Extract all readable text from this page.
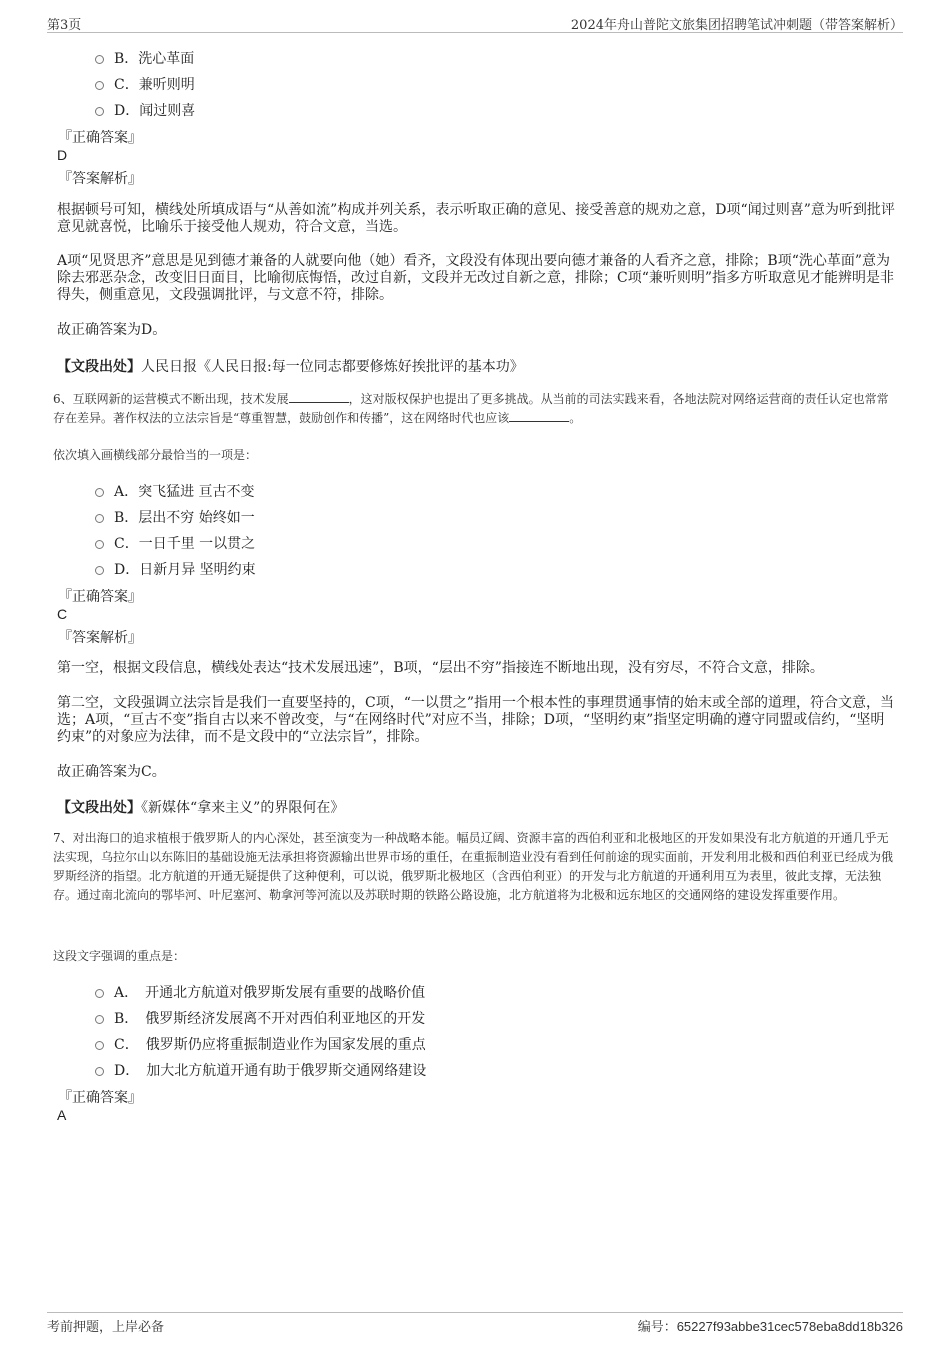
第3页	2024年舟山普陀文旅集团招聘笔试冲刺题（带答案解析）
B．洗心革面
C．兼听则明
D．闻过则喜
『正确答案』
D
『答案解析』
根据顿号可知，横线处所填成语与“从善如流”构成并列关系，表示听取正确的意见、接受善意的规劝之意，D项“闻过则喜”意为听到批评意见就喜悦，比喻乐于接受他人规劝，符合文意，当选。
A项“见贤思齐”意思是见到德才兼备的人就要向他（她）看齐，文段没有体现出要向德才兼备的人看齐之意，排除；B项“洗心革面”意为除去邪恶杂念，改变旧日面目，比喻彻底悔悟，改过自新，文段并无改过自新之意，排除；C项“兼听则明”指多方听取意见才能辨明是非得失，侧重意见，文段强调批评，与文意不符，排除。
故正确答案为D。
【文段出处】人民日报《人民日报:每一位同志都要修炼好挨批评的基本功》
6、互联网新的运营模式不断出现，技术发展	，这对版权保护也提出了更多挑战。从当前的司法实践来看，各地法院对网络运营商的责任认定也常常存在差异。著作权法的立法宗旨是“尊重智慧，鼓励创作和传播”，这在网络时代也应该	。
依次填入画横线部分最恰当的一项是：
A．突飞猛进 亘古不变
B．层出不穷 始终如一
C．一日千里 一以贯之
D．日新月异 坚明约束
『正确答案』
C
『答案解析』
第一空，根据文段信息，横线处表达“技术发展迅速”，B项，“层出不穷”指接连不断地出现，没有穷尽，不符合文意，排除。
第二空，文段强调立法宗旨是我们一直要坚持的，C项，“一以贯之”指用一个根本性的事理贯通事情的始末或全部的道理，符合文意，当选；A项，“亘古不变”指自古以来不曾改变，与“在网络时代”对应不当，排除；D项，“坚明约束”指坚定明确的遵守同盟或信约，“坚明约束”的对象应为法律，而不是文段中的“立法宗旨”，排除。
故正确答案为C。
【文段出处】《新媒体“拿来主义”的界限何在》
7、对出海口的追求植根于俄罗斯人的内心深处，甚至演变为一种战略本能。幅员辽阔、资源丰富的西伯利亚和北极地区的开发如果没有北方航道的开通几乎无法实现，乌拉尔山以东陈旧的基础设施无法承担将资源输出世界市场的重任，在重振制造业没有看到任何前途的现实面前，开发利用北极和西伯利亚已经成为俄罗斯经济的指望。北方航道的开通无疑提供了这种便利，可以说，俄罗斯北极地区（含西伯利亚）的开发与北方航道的开通利用互为表里，彼此支撑，无法独存。通过南北流向的鄂毕河、叶尼塞河、勒拿河等河流以及苏联时期的铁路公路设施，北方航道将为北极和远东地区的交通网络的建设发挥重要作用。
这段文字强调的重点是：
A．　开通北方航道对俄罗斯发展有重要的战略价值
B．　俄罗斯经济发展离不开对西伯利亚地区的开发
C．　俄罗斯仍应将重振制造业作为国家发展的重点
D．　加大北方航道开通有助于俄罗斯交通网络建设
『正确答案』
A
考前押题，上岸必备	编号：65227f93abbe31cec578eba8dd18b326
